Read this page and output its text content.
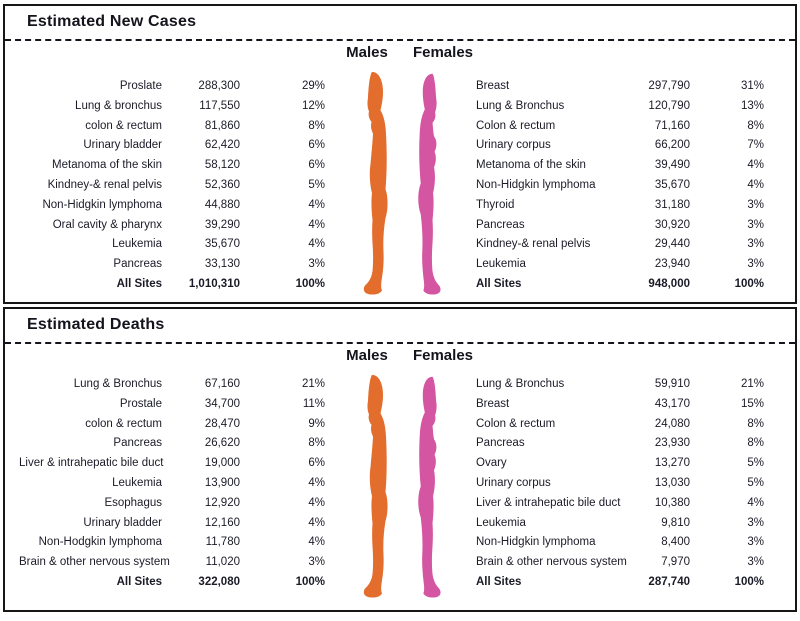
Estimated New Cases
Males	Females
Proslate	288,300	29%
Lung & bronchus	117,550	12%
colon & rectum	81,860	8%
Urinary bladder	62,420	6%
Metanoma of the skin	58,120	6%
Kindney-& renal pelvis	52,360	5%
Non-Hidgkin lymphoma	44,880	4%
Oral cavity & pharynx	39,290	4%
Leukemia	35,670	4%
Pancreas	33,130	3%
All Sites	1,010,310	100%
Breast	297,790	31%
Lung & Bronchus	120,790	13%
Colon & rectum	71,160	8%
Urinary corpus	66,200	7%
Metanoma of the skin	39,490	4%
Non-Hidgkin lymphoma	35,670	4%
Thyroid	31,180	3%
Pancreas	30,920	3%
Kindney-& renal pelvis	29,440	3%
Leukemia	23,940	3%
All Sites	948,000	100%
Estimated Deaths
Males	Females
Lung & Bronchus	67,160	21%
Prostale	34,700	11%
colon & rectum	28,470	9%
Pancreas	26,620	8%
Liver & intrahepatic bile duct	19,000	6%
Leukemia	13,900	4%
Esophagus	12,920	4%
Urinary bladder	12,160	4%
Non-Hodgkin lymphoma	11,780	4%
Brain & other nervous system	11,020	3%
All Sites	322,080	100%
Lung & Bronchus	59,910	21%
Breast	43,170	15%
Colon & rectum	24,080	8%
Pancreas	23,930	8%
Ovary	13,270	5%
Urinary corpus	13,030	5%
Liver & intrahepatic bile duct	10,380	4%
Leukemia	9,810	3%
Non-Hidgkin lymphoma	8,400	3%
Brain & other nervous system	7,970	3%
All Sites	287,740	100%
